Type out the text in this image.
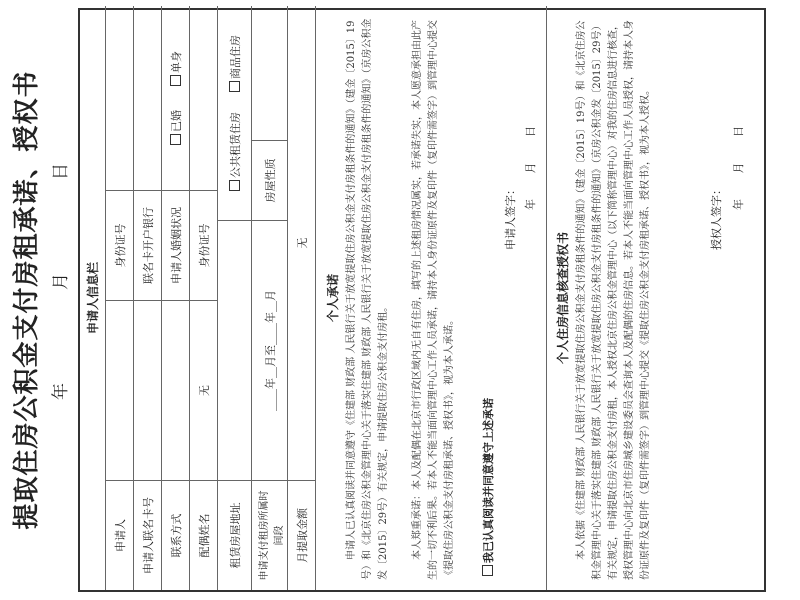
提取住房公积金支付房租承诺、授权书 年
月
日
申请人信息栏
申请人
身份证号
申请人联名卡号
联名卡开户银行
联系方式
申请人婚姻状况
已婚
单身
配偶姓名
无
身份证号
租赁房屋地址
公共租赁住房
商品住房
申请支付租房所属时间段
____年__月至____年__月
房屋性质
月提取金额
无
个人承诺 申请人已认真阅读并同意遵守《住建部 财政部 人民银行关于放宽提取住房公积金支付房租条件的通知》（建金〔2015〕19号）和《北京住房公积金管理中心关于落实住建部 财政部 人民银行关于放宽提取住房公积金支付房租条件的通知》（京房公积金发〔2015〕29号）有关规定，申请提取住房公积金支付房租。	本人郑重承诺：本人及配偶在北京市行政区域内无自有住房，填写的上述租房情况属实，若承诺失实，本人愿意承担由此产生的一切不利后果。若本人不能当面向管理中心工作人员承诺，请持本人身份证原件及复印件（复印件需签字）到管理中心提交《提取住房公积金支付房租承诺、授权书》，视为本人承诺。 我已认真阅读并同意遵守上述承诺
申请人签字： 年 月 日
个人住房信息核查授权书 本人依据《住建部 财政部 人民银行关于放宽提取住房公积金支付房租条件的通知》（建金〔2015〕19号）和《北京住房公积金管理中心关于落实住建部 财政部 人民银行关于放宽提取住房公积金支付房租条件的通知》（京房公积金发〔2015〕29号）有关规定，申请提取住房公积金支付房租，本人授权北京住房公积金管理中心（以下简称管理中心）对我的住房信息进行核查，授权管理中心向北京市住房城乡建设委员会查询本人及配偶的住房信息。若本人不能当面向管理中心工作人员授权，请持本人身份证原件及复印件（复印件需签字）到管理中心提交《提取住房公积金支付房租承诺、授权书》，视为本人授权。	授权人签字： 年 月 日
